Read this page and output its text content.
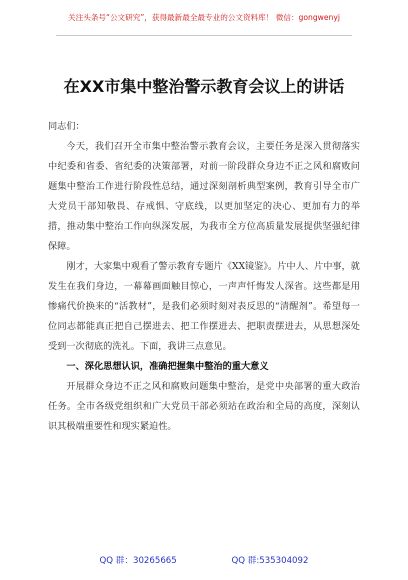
关注头条号“公文研究”，获得最新最全最专业的公文资料库！ 微信：gongwenyj
在XX市集中整治警示教育会议上的讲话

同志们：

今天，我们召开全市集中整治警示教育会议，主要任务是深入贯彻落实中纪委和省委、省纪委的决策部署，对前一阶段群众身边不正之风和腐败问题集中整治工作进行阶段性总结，通过深刻剖析典型案例，教育引导全市广大党员干部知敬畏、存戒惧、守底线，以更加坚定的决心、更加有力的举措，推动集中整治工作向纵深发展，为我市全方位高质量发展提供坚强纪律保障。

刚才，大家集中观看了警示教育专题片《XX镜鉴》。片中人、片中事，就发生在我们身边，一幕幕画面触目惊心，一声声忏悔发人深省。这些都是用惨痛代价换来的“活教材”，是我们必须时刻对表反思的“清醒剂”。希望每一位同志都能真正把自己摆进去、把工作摆进去、把职责摆进去，从思想深处受到一次彻底的洗礼。下面，我讲三点意见。

一、深化思想认识，准确把握集中整治的重大意义

开展群众身边不正之风和腐败问题集中整治，是党中央部署的重大政治任务。全市各级党组织和广大党员干部必须站在政治和全局的高度，深刻认识其极端重要性和现实紧迫性。

QQ 群：30265665	QQ 群:535304092
